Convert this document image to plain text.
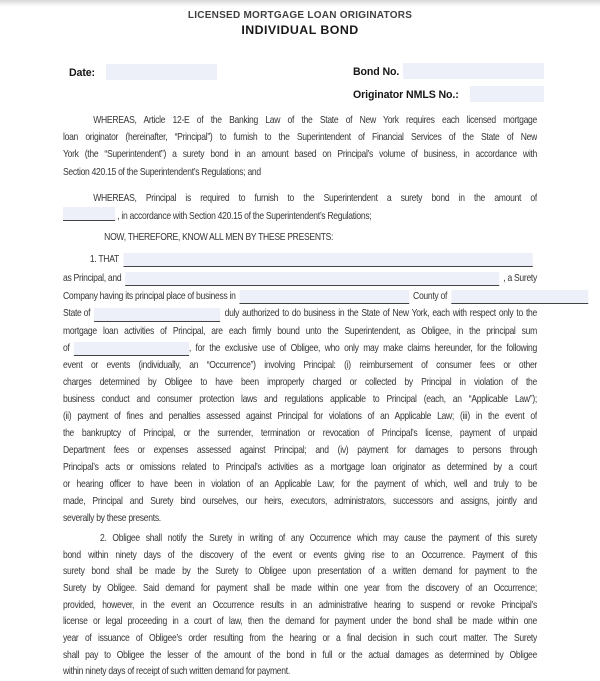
LICENSED MORTGAGE LOAN ORIGINATORS
INDIVIDUAL BOND
Date:	Bond No.
Originator NMLS No.:
WHEREAS, Article 12-E of the Banking Law of the State of New York requires each licensed mortgage
loan originator (hereinafter, “Principal”) to furnish to the Superintendent of Financial Services of the State of New
York (the “Superintendent”) a surety bond in an amount based on Principal’s volume of business, in accordance with
Section 420.15 of the Superintendent’s Regulations; and
WHEREAS, Principal is required to furnish to the Superintendent a surety bond in the amount of
, in accordance with Section 420.15 of the Superintendent’s Regulations;
NOW, THEREFORE, KNOW ALL MEN BY THESE PRESENTS:
1. THAT
as Principal, and	, a Surety
Company having its principal place of business in	County of
State of	duly authorized to do business in the State of New York, each with respect only to the
mortgage loan activities of Principal, are each firmly bound unto the Superintendent, as Obligee, in the principal sum
of	, for the exclusive use of Obligee, who only may make claims hereunder, for the following
event or events (individually, an “Occurrence”) involving Principal: (i) reimbursement of consumer fees or other
charges determined by Obligee to have been improperly charged or collected by Principal in violation of the
business conduct and consumer protection laws and regulations applicable to Principal (each, an “Applicable Law”);
(ii) payment of fines and penalties assessed against Principal for violations of an Applicable Law; (iii) in the event of
the bankruptcy of Principal, or the surrender, termination or revocation of Principal’s license, payment of unpaid
Department fees or expenses assessed against Principal; and (iv) payment for damages to persons through
Principal’s acts or omissions related to Principal’s activities as a mortgage loan originator as determined by a court
or hearing officer to have been in violation of an Applicable Law; for the payment of which, well and truly to be
made, Principal and Surety bind ourselves, our heirs, executors, administrators, successors and assigns, jointly and
severally by these presents.
2. Obligee shall notify the Surety in writing of any Occurrence which may cause the payment of this surety
bond within ninety days of the discovery of the event or events giving rise to an Occurrence. Payment of this
surety bond shall be made by the Surety to Obligee upon presentation of a written demand for payment to the
Surety by Obligee. Said demand for payment shall be made within one year from the discovery of an Occurrence;
provided, however, in the event an Occurrence results in an administrative hearing to suspend or revoke Principal’s
license or legal proceeding in a court of law, then the demand for payment under the bond shall be made within one
year of issuance of Obligee’s order resulting from the hearing or a final decision in such court matter. The Surety
shall pay to Obligee the lesser of the amount of the bond in full or the actual damages as determined by Obligee
within ninety days of receipt of such written demand for payment.
